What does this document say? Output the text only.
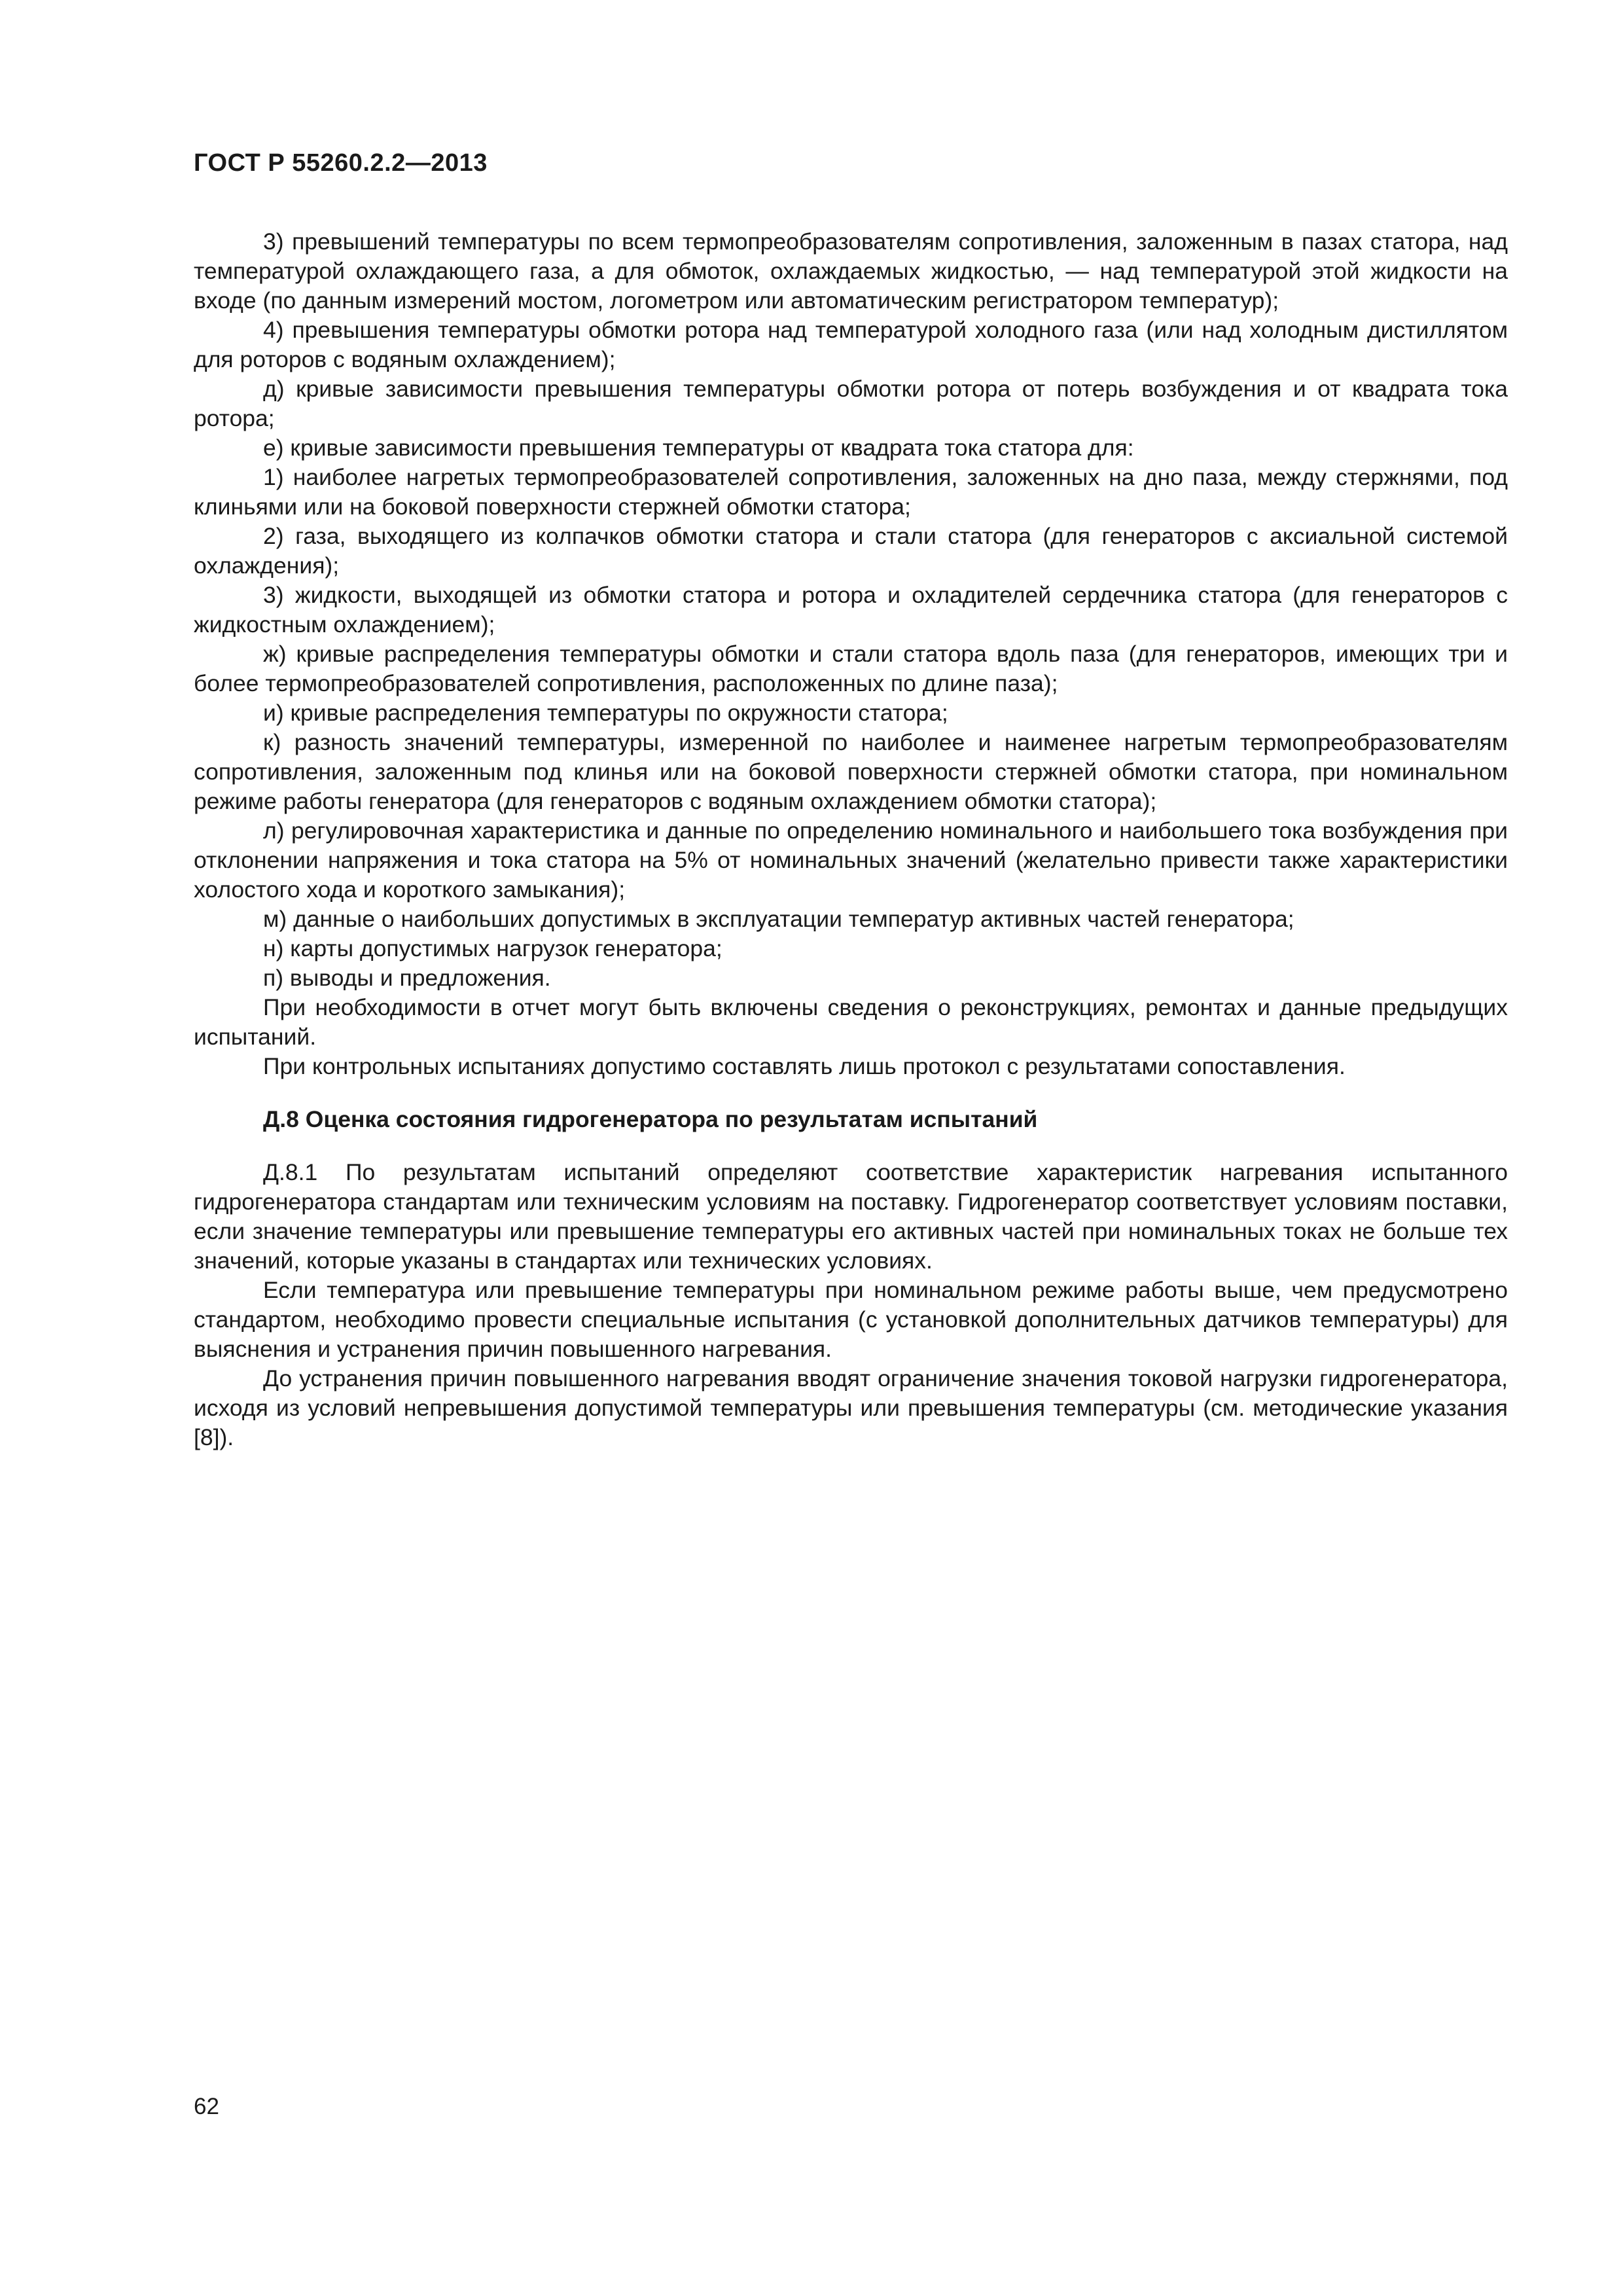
ГОСТ Р 55260.2.2—2013

3) превышений температуры по всем термопреобразователям сопротивления, заложенным в пазах статора, над температурой охлаждающего газа, а для обмоток, охлаждаемых жидкостью, — над температурой этой жидкости на входе (по данным измерений мостом, логометром или автоматическим регистратором температур);

4) превышения температуры обмотки ротора над температурой холодного газа (или над холодным дистиллятом для роторов с водяным охлаждением);

д) кривые зависимости превышения температуры обмотки ротора от потерь возбуждения и от квадрата тока ротора;

е) кривые зависимости превышения температуры от квадрата тока статора для:

1) наиболее нагретых термопреобразователей сопротивления, заложенных на дно паза, между стержнями, под клиньями или на боковой поверхности стержней обмотки статора;

2) газа, выходящего из колпачков обмотки статора и стали статора (для генераторов с аксиальной системой охлаждения);

3) жидкости, выходящей из обмотки статора и ротора и охладителей сердечника статора (для генераторов с жидкостным охлаждением);

ж) кривые распределения температуры обмотки и стали статора вдоль паза (для генераторов, имеющих три и более термопреобразователей сопротивления, расположенных по длине паза);

и) кривые распределения температуры по окружности статора;

к) разность значений температуры, измеренной по наиболее и наименее нагретым термопреобразователям сопротивления, заложенным под клинья или на боковой поверхности стержней обмотки статора, при номинальном режиме работы генератора (для генераторов с водяным охлаждением обмотки статора);

л) регулировочная характеристика и данные по определению номинального и наибольшего тока возбуждения при отклонении напряжения и тока статора на 5% от номинальных значений (желательно привести также характеристики холостого хода и короткого замыкания);

м) данные о наибольших допустимых в эксплуатации температур активных частей генератора;

н) карты допустимых нагрузок генератора;

п) выводы и предложения.

При необходимости в отчет могут быть включены сведения о реконструкциях, ремонтах и данные предыдущих испытаний.

При контрольных испытаниях допустимо составлять лишь протокол с результатами сопоставления.

Д.8 Оценка состояния гидрогенератора по результатам испытаний

Д.8.1 По результатам испытаний определяют соответствие характеристик нагревания испытанного гидрогенератора стандартам или техническим условиям на поставку. Гидрогенератор соответствует условиям поставки, если значение температуры или превышение температуры его активных частей при номинальных токах не больше тех значений, которые указаны в стандартах или технических условиях.

Если температура или превышение температуры при номинальном режиме работы выше, чем предусмотрено стандартом, необходимо провести специальные испытания (с установкой дополнительных датчиков температуры) для выяснения и устранения причин повышенного нагревания.

До устранения причин повышенного нагревания вводят ограничение значения токовой нагрузки гидрогенератора, исходя из условий непревышения допустимой температуры или превышения температуры (см. методические указания [8]).

62
